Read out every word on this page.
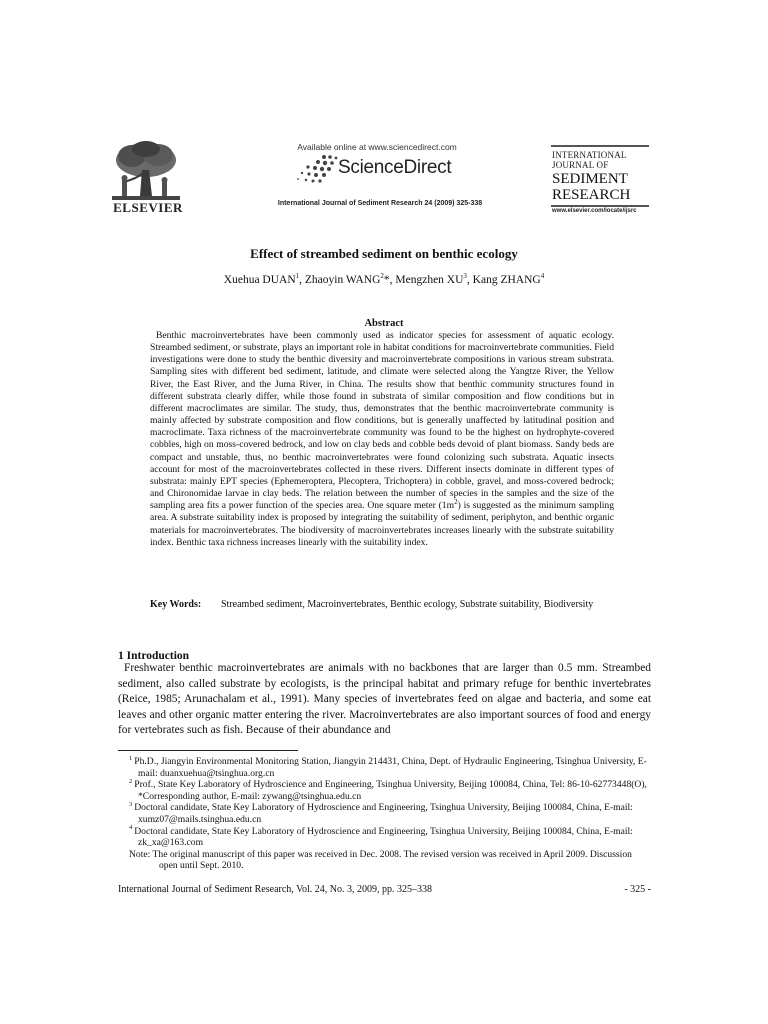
ELSEVIER
Available online at www.sciencedirect.com
ScienceDirect
International Journal of Sediment Research 24 (2009) 325-338
INTERNATIONAL
JOURNAL OF
SEDIMENT
RESEARCH
www.elsevier.com/locate/ijsrc
Effect of streambed sediment on benthic ecology
Xuehua DUAN$^1$, Zhaoyin WANG$^2$*, Mengzhen $XU^3$, Kang ZHANG$^4$
Abstract

Benthic macroinvertebrates have been commonly used as indicator species for assessment of aquatic ecology. Streambed sediment, or substrate, plays an important role in habitat conditions for macroinvertebrate communities. Field investigations were done to study the benthic diversity and macroinvertebrate compositions in various stream substrata. Sampling sites with different bed sediment, latitude, and climate were selected along the Yangtze River, the Yellow River, the East River, and the Juma River, in China. The results show that benthic community structures found in different substrata clearly differ, while those found in substrata of similar composition and flow conditions but in different macroclimates are similar. The study, thus, demonstrates that the benthic macroinvertebrate community is mainly affected by substrate composition and flow conditions, but is generally unaffected by latitudinal position and macroclimate. Taxa richness of the macroinvertebrate community was found to be the highest on hydrophyte-covered cobbles, high on moss-covered bedrock, and low on clay beds and cobble beds devoid of plant biomass. Sandy beds are compact and unstable, thus, no benthic macroinvertebrates were found colonizing such substrata. Aquatic insects account for most of the macroinvertebrates collected in these rivers. Different insects dominate in different types of substrata: mainly EPT species (Ephemeroptera, Plecoptera, Trichoptera) in cobble, gravel, and moss-covered bedrock; and Chironomidae larvae in clay beds. The relation between the number of species in the samples and the size of the sampling area fits a power function of the species area. One square meter $(1m^2)$ is suggested as the minimum sampling area. A substrate suitability index is proposed by integrating the suitability of sediment, periphyton, and benthic organic materials for macroinvertebrates. The biodiversity of macroinvertebrates increases linearly with the substrate suitability index. Benthic taxa richness increases linearly with the suitability index.

Key Words: Streambed sediment, Macroinvertebrates, Benthic ecology, Substrate suitability, Biodiversity
1 Introduction

Freshwater benthic macroinvertebrates are animals with no backbones that are larger than 0.5 mm. Streambed sediment, also called substrate by ecologists, is the principal habitat and primary refuge for benthic invertebrates (Reice, 1985; Arunachalam et al., 1991). Many species of invertebrates feed on algae and bacteria, and some eat leaves and other organic matter entering the river. Macroinvertebrates are also important sources of food and energy for vertebrates such as fish. Because of their abundance and

$^1$ Ph.D., Jiangyin Environmental Monitoring Station, Jiangyin 214431, China, Dept. of Hydraulic Engineering, Tsinghua University, E-mail: duanxuehua@tsinghua.org.cn
$^2$ Prof., State Key Laboratory of Hydroscience and Engineering, Tsinghua University, Beijing 100084, China, Tel: 86-10-62773448(O), *Corresponding author, E-mail: zywang@tsinghua.edu.cn
$^3$ Doctoral candidate, State Key Laboratory of Hydroscience and Engineering, Tsinghua University, Beijing 100084, China, E-mail: xumz07@mails.tsinghua.edu.cn
$^4$ Doctoral candidate, State Key Laboratory of Hydroscience and Engineering, Tsinghua University, Beijing 100084, China, E-mail: zk_xa@163.com
Note: The original manuscript of this paper was received in Dec. 2008. The revised version was received in April 2009. Discussion open until Sept. 2010.
International Journal of Sediment Research, Vol. 24, No. 3, 2009, pp. 325–338	- 325 -
